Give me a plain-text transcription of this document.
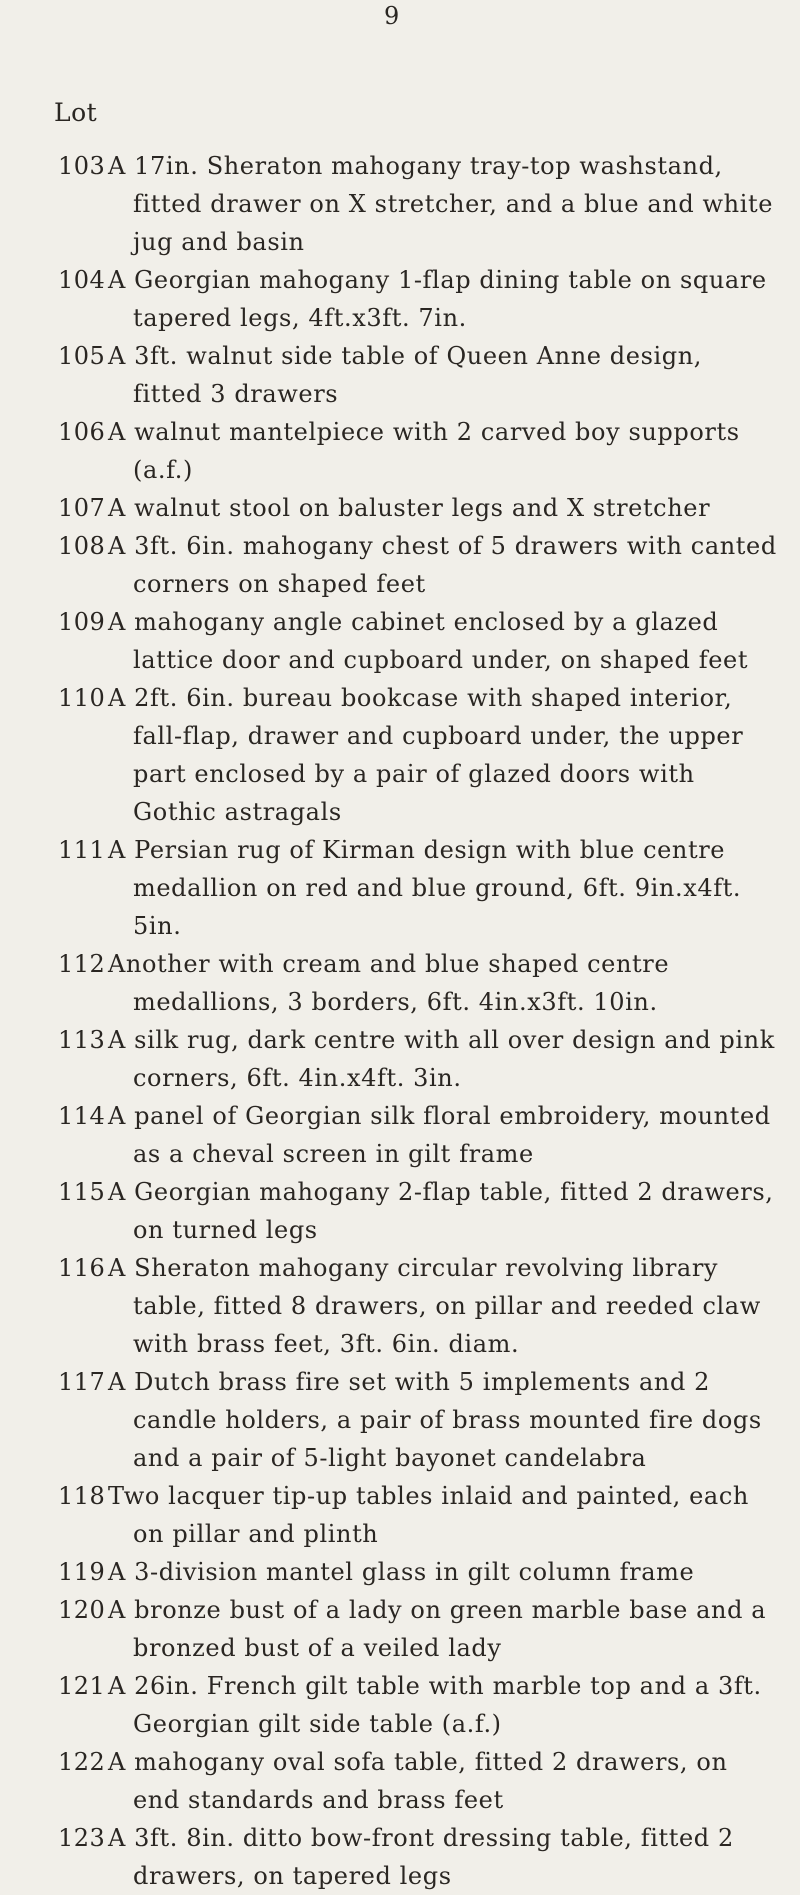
9
Lot
103 A 17in. Sheraton mahogany tray-top washstand, fitted drawer on X stretcher, and a blue and white jug and basin
104 A Georgian mahogany 1-flap dining table on square tapered legs, 4ft.x3ft. 7in.
105 A 3ft. walnut side table of Queen Anne design, fitted 3 drawers
106 A walnut mantelpiece with 2 carved boy supports (a.f.)
107 A walnut stool on baluster legs and X stretcher
108 A 3ft. 6in. mahogany chest of 5 drawers with canted corners on shaped feet
109 A mahogany angle cabinet enclosed by a glazed lattice door and cupboard under, on shaped feet
110 A 2ft. 6in. bureau bookcase with shaped interior, fall-flap, drawer and cupboard under, the upper part enclosed by a pair of glazed doors with Gothic astragals
111 A Persian rug of Kirman design with blue centre medallion on red and blue ground, 6ft. 9in.x4ft. 5in.
112 Another with cream and blue shaped centre medallions, 3 borders, 6ft. 4in.x3ft. 10in.
113 A silk rug, dark centre with all over design and pink corners, 6ft. 4in.x4ft. 3in.
114 A panel of Georgian silk floral embroidery, mounted as a cheval screen in gilt frame
115 A Georgian mahogany 2-flap table, fitted 2 drawers, on turned legs
116 A Sheraton mahogany circular revolving library table, fitted 8 drawers, on pillar and reeded claw with brass feet, 3ft. 6in. diam.
117 A Dutch brass fire set with 5 implements and 2 candle holders, a pair of brass mounted fire dogs and a pair of 5-light bayonet candelabra
118 Two lacquer tip-up tables inlaid and painted, each on pillar and plinth
119 A 3-division mantel glass in gilt column frame
120 A bronze bust of a lady on green marble base and a bronzed bust of a veiled lady
121 A 26in. French gilt table with marble top and a 3ft. Georgian gilt side table (a.f.)
122 A mahogany oval sofa table, fitted 2 drawers, on end standards and brass feet
123 A 3ft. 8in. ditto bow-front dressing table, fitted 2 drawers, on tapered legs
